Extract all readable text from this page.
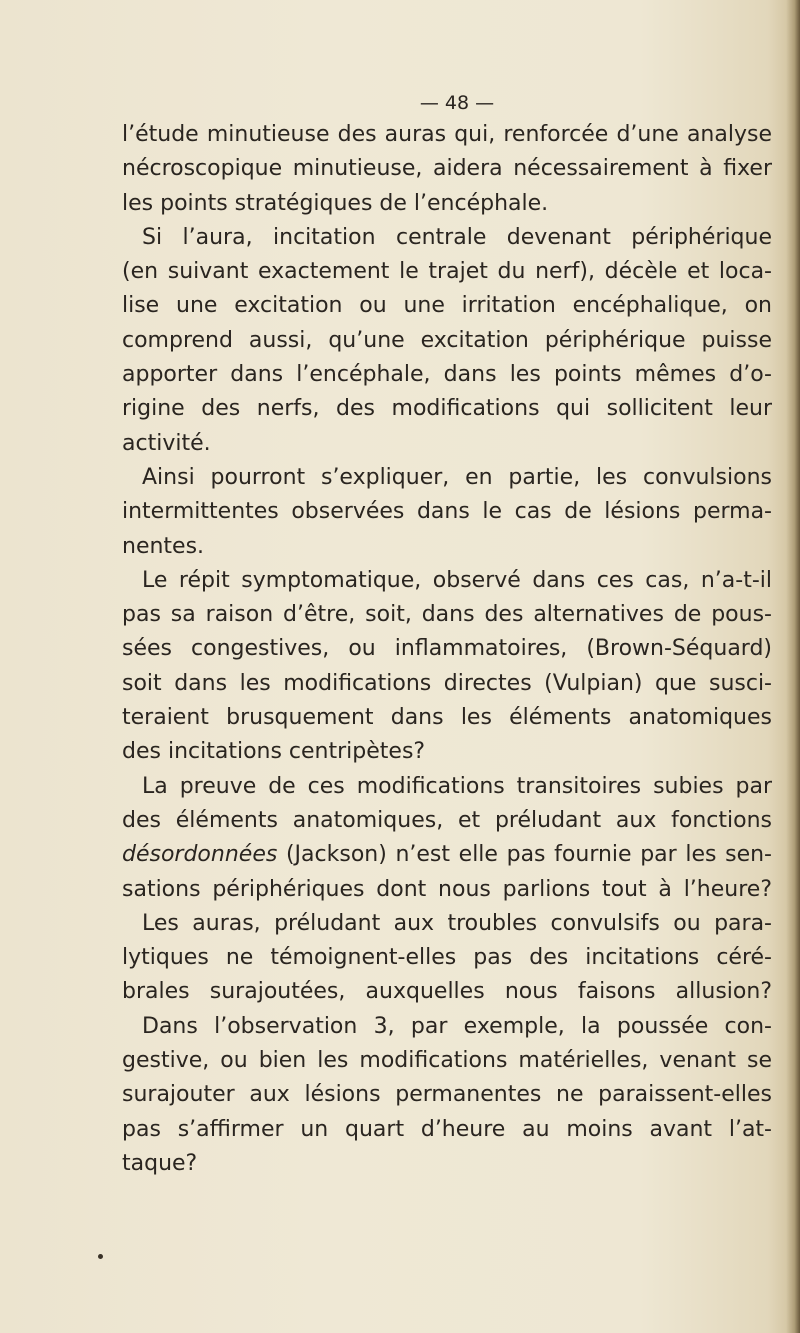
— 48 —
l’étude minutieuse des auras qui, renforcée d’une analyse
nécroscopique minutieuse, aidera nécessairement à fixer
les points stratégiques de l’encéphale.
Si l’aura, incitation centrale devenant périphérique
(en suivant exactement le trajet du nerf), décèle et loca-
lise une excitation ou une irritation encéphalique, on
comprend aussi, qu’une excitation périphérique puisse
apporter dans l’encéphale, dans les points mêmes d’o-
rigine des nerfs, des modifications qui sollicitent leur
activité.
Ainsi pourront s’expliquer, en partie, les convulsions
intermittentes observées dans le cas de lésions perma-
nentes.
Le répit symptomatique, observé dans ces cas, n’a-t-il
pas sa raison d’être, soit, dans des alternatives de pous-
sées congestives, ou inflammatoires, (Brown-Séquard)
soit dans les modifications directes (Vulpian) que susci-
teraient brusquement dans les éléments anatomiques
des incitations centripètes?
La preuve de ces modifications transitoires subies par
des éléments anatomiques, et préludant aux fonctions
désordonnées (Jackson) n’est elle pas fournie par les sen-
sations périphériques dont nous parlions tout à l’heure?
Les auras, préludant aux troubles convulsifs ou para-
lytiques ne témoignent-elles pas des incitations céré-
brales surajoutées, auxquelles nous faisons allusion?
Dans l’observation 3, par exemple, la poussée con-
gestive, ou bien les modifications matérielles, venant se
surajouter aux lésions permanentes ne paraissent-elles
pas s’affirmer un quart d’heure au moins avant l’at-
taque?
